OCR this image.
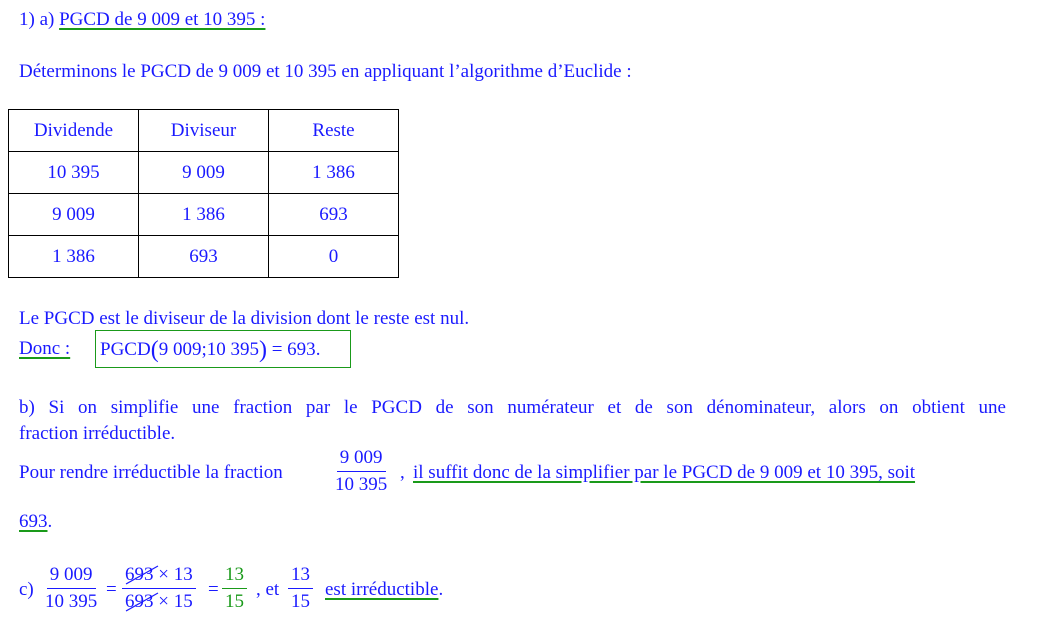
1) a) PGCD de 9 009 et 10 395 :
Déterminons le PGCD de 9 009 et 10 395 en appliquant l’algorithme d’Euclide :
Dividende	Diviseur	Reste
10 395	9 009	1 386
9 009	1 386	693
1 386	693	0
Le PGCD est le diviseur de la division dont le reste est nul.
Donc : PGCD(9 009;10 395) = 693.
b) Si on simplifie une fraction par le PGCD de son numérateur et de son dénominateur, alors on obtient une
fraction irréductible.
Pour rendre irréductible la fraction	$\frac{9 009}{10 395}$ , il suffit donc de la simplifier par le PGCD de 9 009 et 10 395, soit
693.
$c) \frac{9 009}{10 395} = 693$
× 13
693
× $15 = \frac{13}{15}$ , et $\frac{13}{15}$ est irréductible.
